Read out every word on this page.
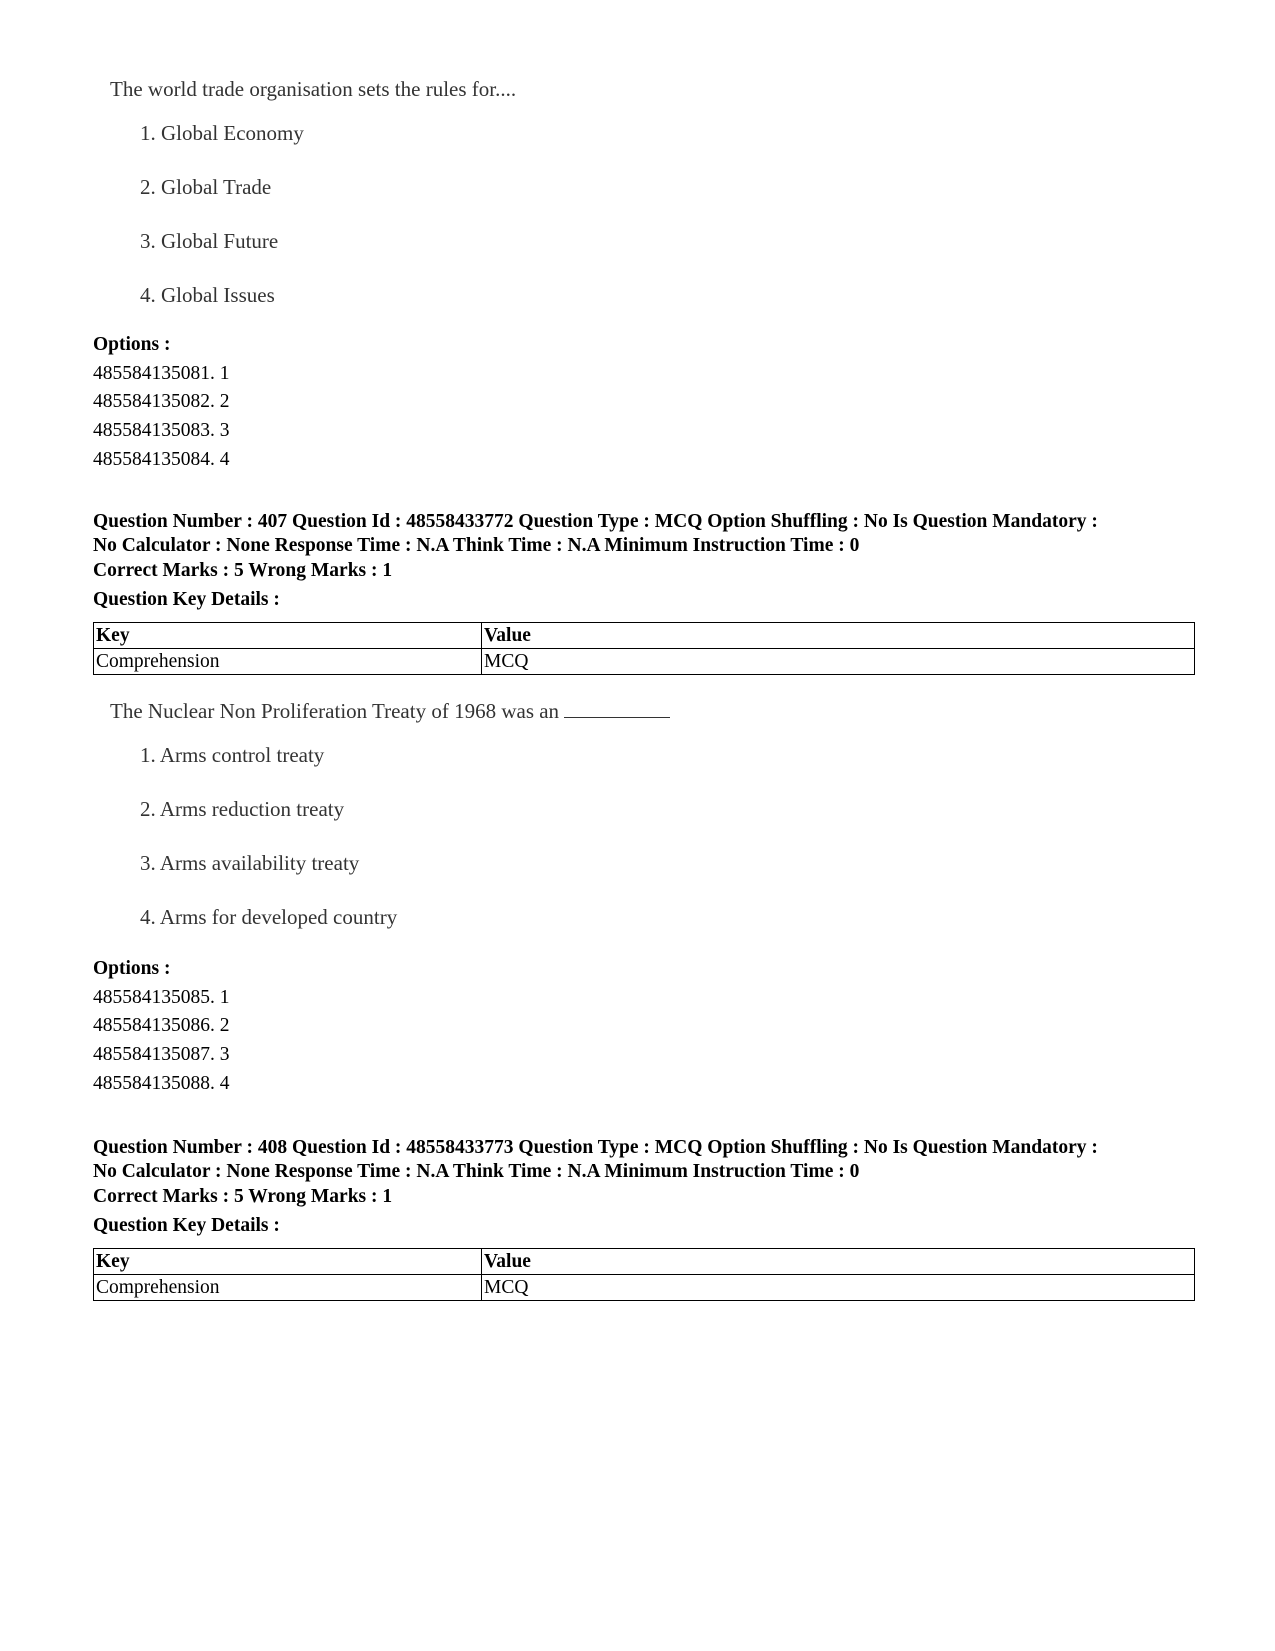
The world trade organisation sets the rules for....
1. Global Economy
2. Global Trade
3. Global Future
4. Global Issues
Options :
485584135081. 1
485584135082. 2
485584135083. 3
485584135084. 4
Question Number : 407 Question Id : 48558433772 Question Type : MCQ Option Shuffling : No Is Question Mandatory :
No Calculator : None Response Time : N.A Think Time : N.A Minimum Instruction Time : 0
Correct Marks : 5 Wrong Marks : 1
Question Key Details :
Key	Value
Comprehension	MCQ
The Nuclear Non Proliferation Treaty of 1968 was an
1. Arms control treaty
2. Arms reduction treaty
3. Arms availability treaty
4. Arms for developed country
Options :
485584135085. 1
485584135086. 2
485584135087. 3
485584135088. 4
Question Number : 408 Question Id : 48558433773 Question Type : MCQ Option Shuffling : No Is Question Mandatory :
No Calculator : None Response Time : N.A Think Time : N.A Minimum Instruction Time : 0
Correct Marks : 5 Wrong Marks : 1
Question Key Details :
Key	Value
Comprehension	MCQ
